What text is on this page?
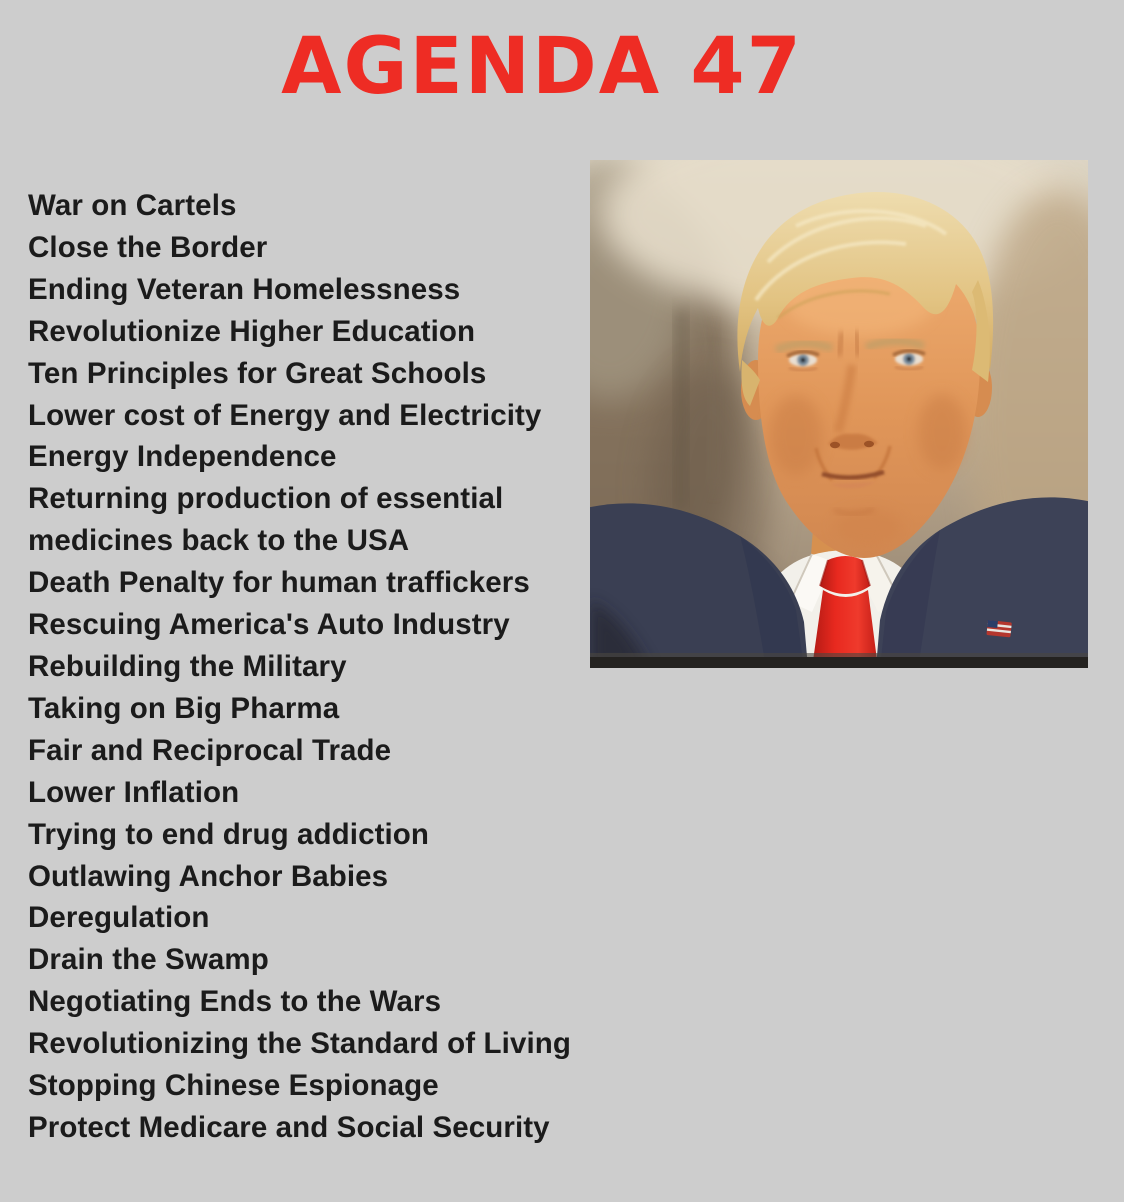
AGENDA 47
War on Cartels
Close the Border
Ending Veteran Homelessness
Revolutionize Higher Education
Ten Principles for Great Schools
Lower cost of Energy and Electricity
Energy Independence
Returning production of essential
medicines back to the USA
Death Penalty for human traffickers
Rescuing America's Auto Industry
Rebuilding the Military
Taking on Big Pharma
Fair and Reciprocal Trade
Lower Inflation
Trying to end drug addiction
Outlawing Anchor Babies
Deregulation
Drain the Swamp
Negotiating Ends to the Wars
Revolutionizing the Standard of Living
Stopping Chinese Espionage
Protect Medicare and Social Security
